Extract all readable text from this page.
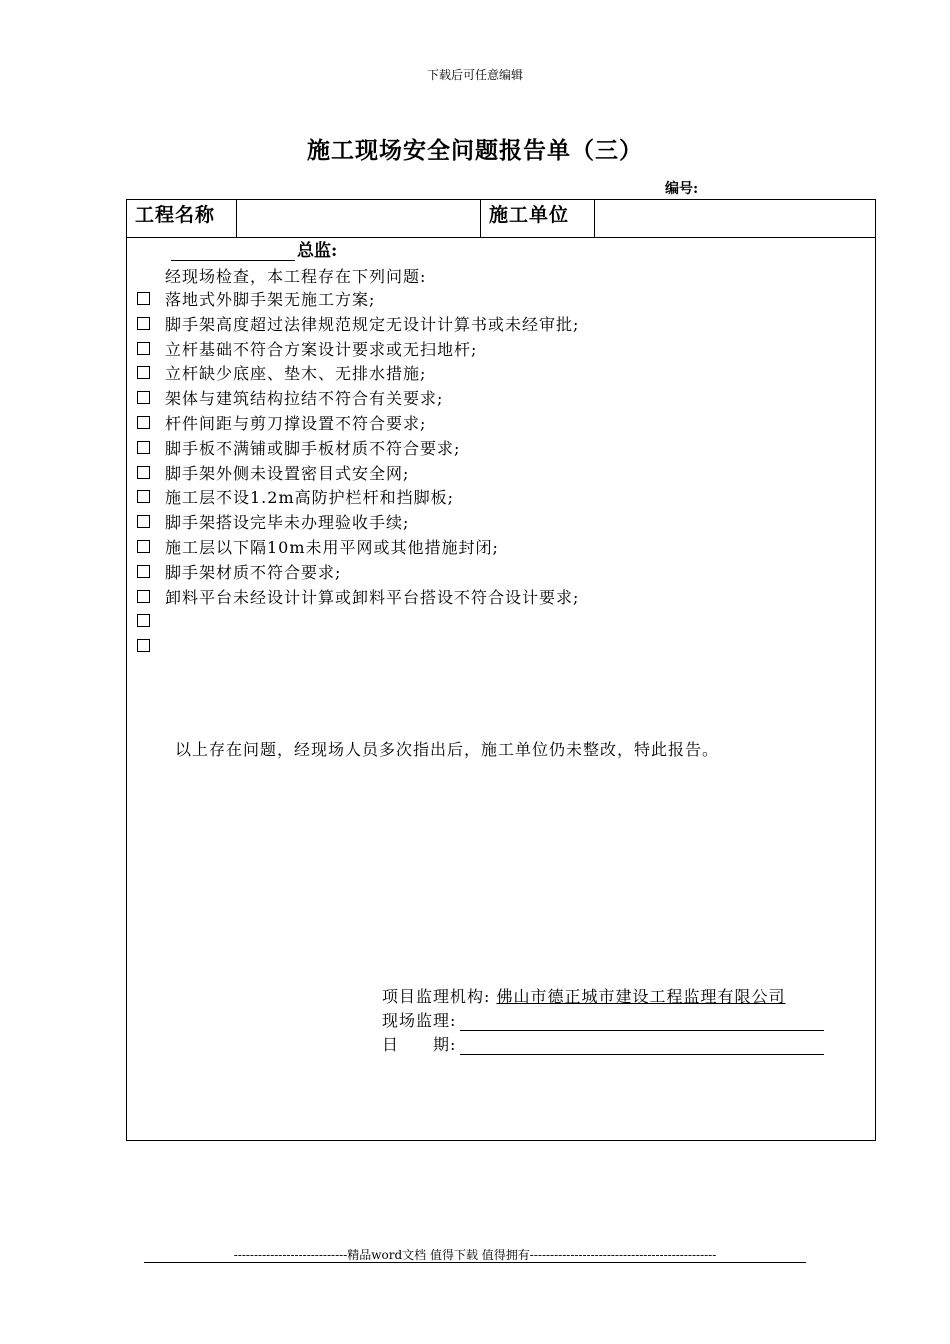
下载后可任意编辑
施工现场安全问题报告单（三）
编号:
工程名称	施工单位
总监:
经现场检查，本工程存在下列问题:
落地式外脚手架无施工方案;
脚手架高度超过法律规范规定无设计计算书或未经审批;
立杆基础不符合方案设计要求或无扫地杆;
立杆缺少底座、垫木、无排水措施;
架体与建筑结构拉结不符合有关要求;
杆件间距与剪刀撑设置不符合要求;
脚手板不满铺或脚手板材质不符合要求;
脚手架外侧未设置密目式安全网;
施工层不设1.2m高防护栏杆和挡脚板;
脚手架搭设完毕未办理验收手续;
施工层以下隔10m未用平网或其他措施封闭;
脚手架材质不符合要求;
卸料平台未经设计计算或卸料平台搭设不符合设计要求;
以上存在问题，经现场人员多次指出后，施工单位仍未整改，特此报告。
项目监理机构: 佛山市德正城市建设工程监理有限公司
现场监理:
日　　期:
----------------------------精品word文档 值得下载 值得拥有----------------------------------------------
